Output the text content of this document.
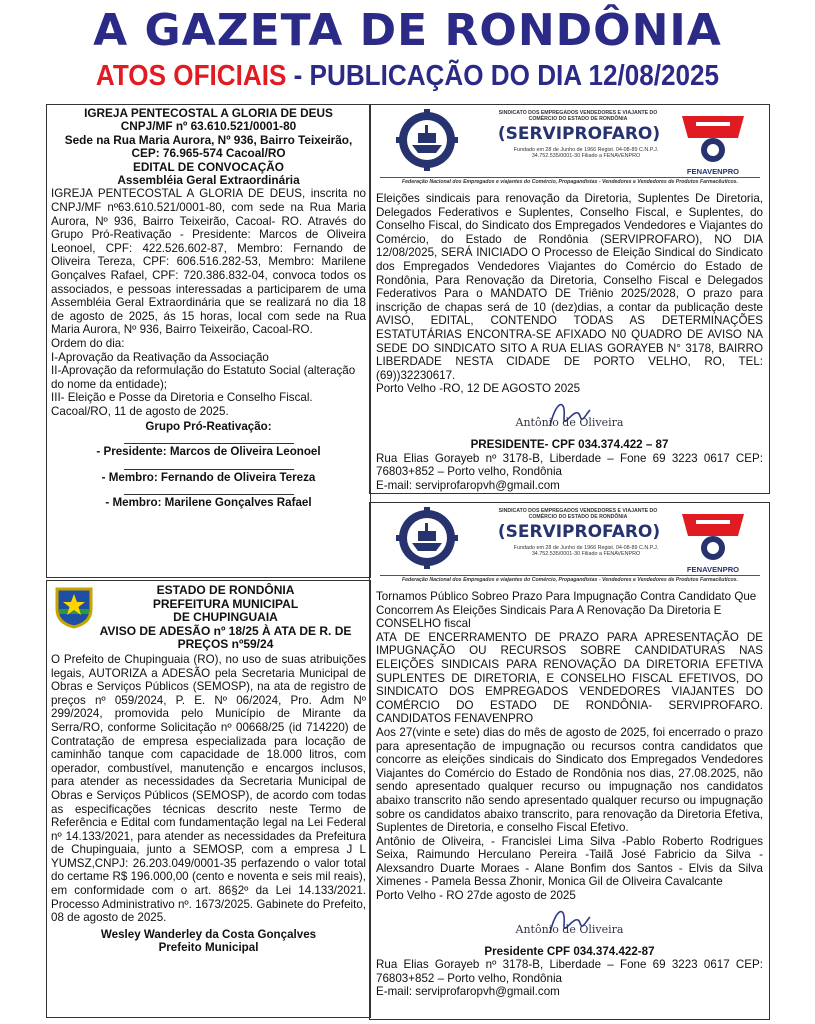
A GAZETA DE RONDÔNIA
ATOS OFICIAIS - PUBLICAÇÃO DO DIA 12/08/2025
IGREJA PENTECOSTAL A GLORIA DE DEUS
CNPJ/MF nº 63.610.521/0001-80
Sede na Rua Maria Aurora, Nº 936, Bairro Teixeirão,
CEP: 76.965-574 Cacoal/RO
EDITAL DE CONVOCAÇÃO
Assembléia Geral Extraordinária
IGREJA PENTECOSTAL A GLORIA DE DEUS, inscrita no CNPJ/MF nº63.610.521/0001-80, com sede na Rua Maria Aurora, Nº 936, Bairro Teixeirão, Cacoal- RO. Através do Grupo Pró-Reativação - Presidente: Marcos de Oliveira Leonoel, CPF: 422.526.602-87, Membro: Fernando de Oliveira Tereza, CPF: 606.516.282-53, Membro: Marilene Gonçalves Rafael, CPF: 720.386.832-04, convoca todos os associados, e pessoas interessadas a participarem de uma Assembléia Geral Extraordinária que se realizará no dia 18 de agosto de 2025, ás 15 horas, local com sede na Rua Maria Aurora, Nº 936, Bairro Teixeirão, Cacoal-RO.
Ordem do dia:
I-Aprovação da Reativação da Associação
II-Aprovação da reformulação do Estatuto Social (alteração do nome da entidade);
III- Eleição e Posse da Diretoria e Conselho Fiscal.
Cacoal/RO, 11 de agosto de 2025.
Grupo Pró-Reativação:
- Presidente: Marcos de Oliveira Leonoel
- Membro: Fernando de Oliveira Tereza
- Membro: Marilene Gonçalves Rafael
ESTADO DE RONDÔNIA
PREFEITURA MUNICIPAL
DE CHUPINGUAIA
AVISO DE ADESÃO nº 18/25 À ATA DE R. DE PREÇOS nº59/24
O Prefeito de Chupinguaia (RO), no uso de suas atribuições legais, AUTORIZA a ADESÃO pela Secretaria Municipal de Obras e Serviços Públicos (SEMOSP), na ata de registro de preços nº 059/2024, P. E. Nº 06/2024, Pro. Adm Nº 299/2024, promovida pelo Município de Mirante da Serra/RO, conforme Solicitação nº 00668/25 (id 714220) de Contratação de empresa especializada para locação de caminhão tanque com capacidade de 18.000 litros, com operador, combustível, manutenção e encargos inclusos, para atender as necessidades da Secretaria Municipal de Obras e Serviços Públicos (SEMOSP), de acordo com todas as especificações técnicas descrito neste Termo de Referência e Edital com fundamentação legal na Lei Federal nº 14.133/2021, para atender as necessidades da Prefeitura de Chupinguaia, junto a SEMOSP, com a empresa J L YUMSZ,CNPJ: 26.203.049/0001-35 perfazendo o valor total do certame R$ 196.000,00 (cento e noventa e seis mil reais), em conformidade com o art. 86§2º da Lei 14.133/2021. Processo Administrativo nº. 1673/2025. Gabinete do Prefeito, 08 de agosto de 2025.
Wesley Wanderley da Costa Gonçalves
Prefeito Municipal
SINDICATO DOS EMPREGADOS VENDEDORES E VIAJANTE DO COMÉRCIO DO ESTADO DE RONDÔNIA
(SERVIPROFARO)
Fundado em 28 de Junho de 1966 Regist. 04-08-89 C.N.P.J. 34.752.535/0001-30 Filiado a FENAVENPRO
FENAVENPRO
Federação Nacional dos Empregados e viajantes do Comércio, Propagandistas - Vendedores e Vendedores de Produtos Farmacêuticos.
Eleições sindicais para renovação da Diretoria, Suplentes De Diretoria, Delegados Federativos e Suplentes, Conselho Fiscal, e Suplentes, do Conselho Fiscal, do Sindicato dos Empregados Vendedores e Viajantes do Comércio, do Estado de Rondônia (SERVIPROFARO), NO DIA 12/08/2025, SERÁ INICIADO O Processo de Eleição Sindical do Sindicato dos Empregados Vendedores Viajantes do Comércio do Estado de Rondônia, Para Renovação da Diretoria, Conselho Fiscal e Delegados Federativos Para o MANDATO DE Triênio 2025/2028, O prazo para inscrição de chapas será de 10 (dez)dias, a contar da publicação deste AVISO, EDITAL, CONTENDO TODAS AS DETERMINAÇÕES ESTATUTÁRIAS ENCONTRA-SE AFIXADO N0 QUADRO DE AVISO NA SEDE DO SINDICATO SITO A RUA ELIAS GORAYEB N° 3178, BAIRRO LIBERDADE NESTA CIDADE DE PORTO VELHO, RO, TEL: (69))32230617.
Porto Velho -RO, 12 DE AGOSTO 2025
Antônio de Oliveira
PRESIDENTE- CPF 034.374.422 – 87
Rua Elias Gorayeb nº 3178-B, Liberdade – Fone 69 3223 0617 CEP: 76803+852 – Porto velho, Rondônia
E-mail: serviprofaropvh@gmail.com
SINDICATO DOS EMPREGADOS VENDEDORES E VIAJANTE DO COMÉRCIO DO ESTADO DE RONDÔNIA
(SERVIPROFARO)
Fundado em 28 de Junho de 1966 Regist. 04-08-89 C.N.P.J. 34.752.535/0001-30 Filiado a FENAVENPRO
FENAVENPRO
Federação Nacional dos Empregados e viajantes do Comércio, Propagandistas - Vendedores e Vendedores de Produtos Farmacêuticos.
Tornamos Público Sobreo Prazo Para Impugnação Contra Candidato Que Concorrem As Eleições Sindicais Para A Renovação Da Diretoria E CONSELHO fiscal
ATA DE ENCERRAMENTO DE PRAZO PARA APRESENTAÇÃO DE IMPUGNAÇÃO OU RECURSOS SOBRE CANDIDATURAS NAS ELEIÇÕES SINDICAIS PARA RENOVAÇÃO DA DIRETORIA EFETIVA SUPLENTES DE DIRETORIA, E CONSELHO FISCAL EFETIVOS, DO SINDICATO DOS EMPREGADOS VENDEDORES VIAJANTES DO COMÉRCIO DO ESTADO DE RONDÔNIA- SERVIPROFARO. CANDIDATOS FENAVENPRO
Aos 27(vinte e sete) dias do mês de agosto de 2025, foi encerrado o prazo para apresentação de impugnação ou recursos contra candidatos que concorre as eleições sindicais do Sindicato dos Empregados Vendedores Viajantes do Comércio do Estado de Rondônia nos dias, 27.08.2025, não sendo apresentado qualquer recurso ou impugnação nos candidatos abaixo transcrito não sendo apresentado qualquer recurso ou impugnação sobre os candidatos abaixo transcrito, para renovação da Diretoria Efetiva, Suplentes de Diretoria, e conselho Fiscal Efetivo.
Antônio de Oliveira, - Francislei Lima Silva -Pablo Roberto Rodrigues Seixa, Raimundo Herculano Pereira -Tailã José Fabricio da Silva - Alexsandro Duarte Moraes - Alane Bonfim dos Santos - Elvis da Silva Ximenes - Pamela Bessa Zhonir, Monica Gil de Oliveira Cavalcante
Porto Velho - RO 27de agosto de 2025
Antônio de Oliveira
Presidente CPF 034.374.422-87
Rua Elias Gorayeb nº 3178-B, Liberdade – Fone 69 3223 0617 CEP: 76803+852 – Porto velho, Rondônia
E-mail: serviprofaropvh@gmail.com
